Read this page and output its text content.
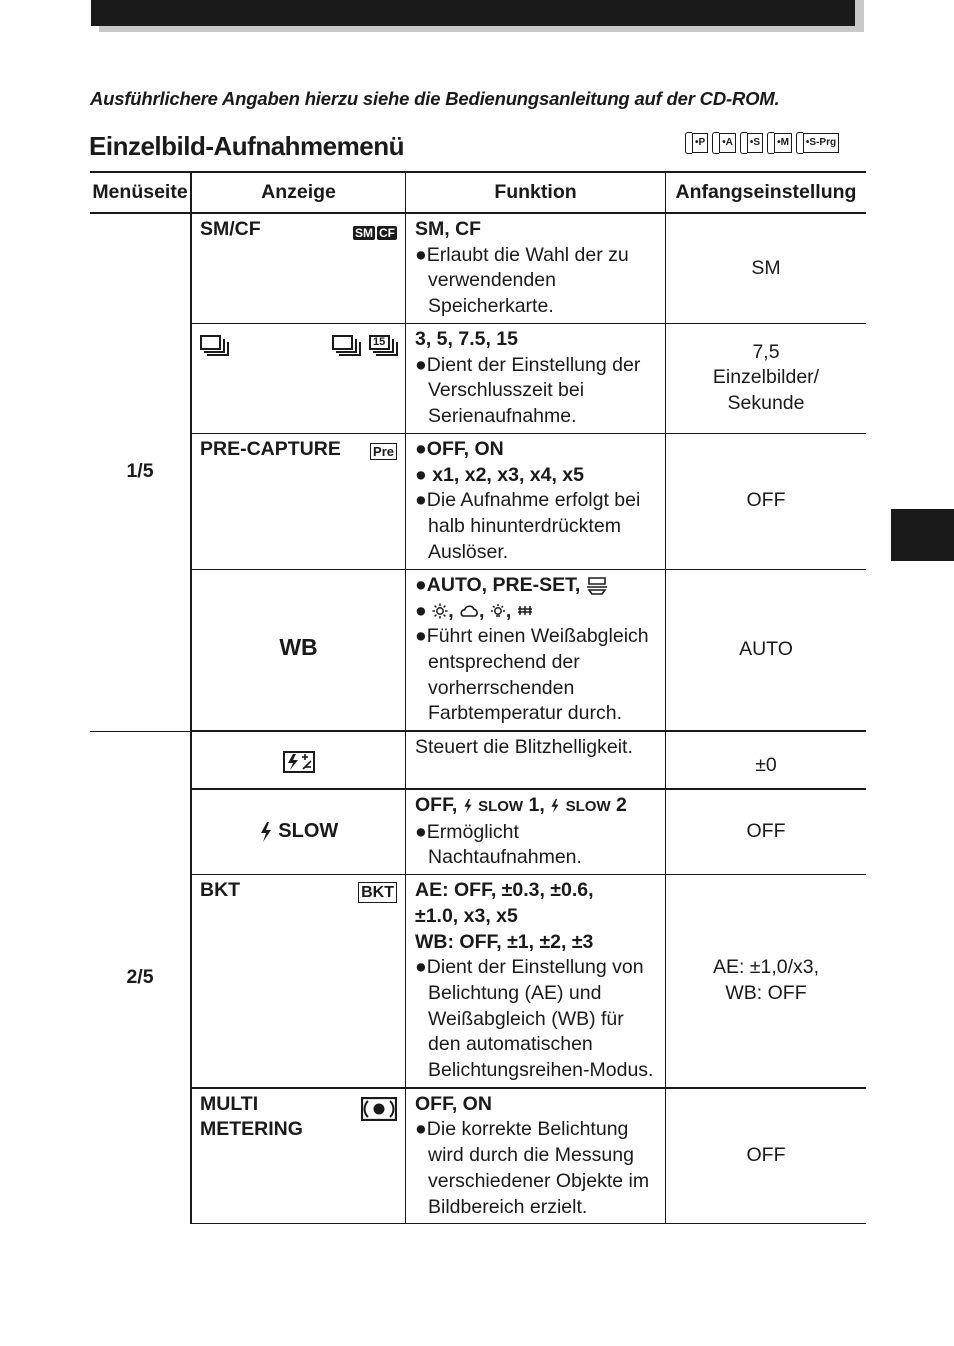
Ausführlichere Angaben hierzu siehe die Bedienungsanleitung auf der CD-ROM.
Einzelbild-Aufnahmemenü	•P	•A	•S	•M	•S-Prg
Menüseite	Anzeige	Funktion	Anfangseinstellung
1/5	SM/CF SM CF	SM, CF
●Erlaubt die Wahl der zu verwendenden Speicherkarte.	SM

	15	3, 5, 7.5, 15
●Dient der Einstellung der Verschlusszeit bei Serienaufnahme.	7,5
Einzelbilder/
Sekunde

	PRE-CAPTURE Pre	●OFF, ON
● x1, x2, x3, x4, x5
●Die Aufnahme erfolgt bei halb hinunterdrücktem Auslöser.	OFF

	WB	●AUTO, PRE-SET,
● , , ,
●Führt einen Weißabgleich entsprechend der vorherrschenden Farbtemperatur durch.	AUTO
2/5		Steuert die Blitzhelligkeit.	±0

	SLOW	OFF, SLOW 1, SLOW 2
●Ermöglicht Nachtaufnahmen.	OFF

	BKT BKT	AE: OFF, ±0.3, ±0.6,
±1.0, x3, x5
WB: OFF, ±1, ±2, ±3
●Dient der Einstellung von Belichtung (AE) und Weißabgleich (WB) für den automatischen Belichtungsreihen-Modus.	AE: ±1,0/x3,
WB: OFF

	MULTI
METERING	OFF, ON
●Die korrekte Belichtung wird durch die Messung verschiedener Objekte im Bildbereich erzielt.	OFF
